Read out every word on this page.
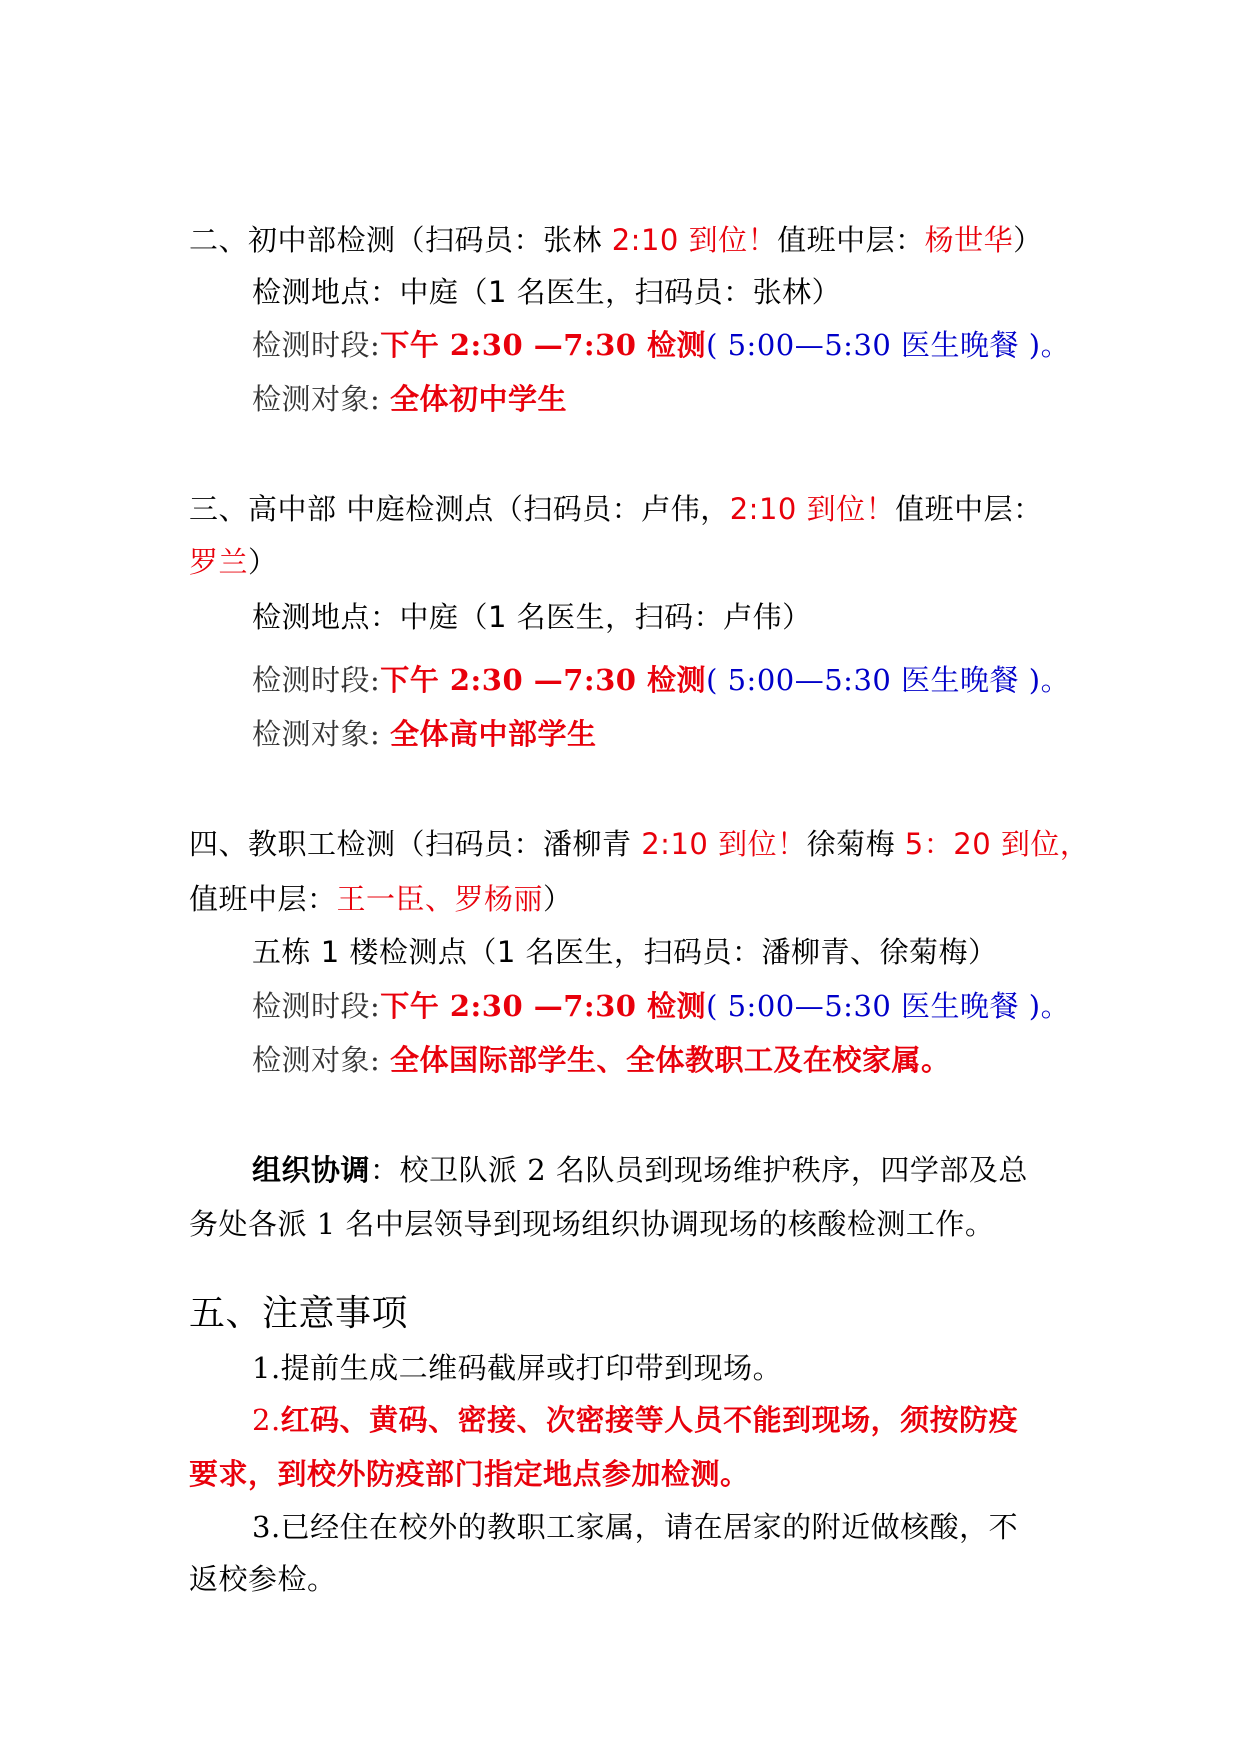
二、初中部检测（扫码员：张林 2:10 到位！值班中层：杨世华）
检测地点：中庭（1 名医生，扫码员：张林）
检测时段:下午 2:30 —7:30 检测( 5:00—5:30 医生晚餐 )。
检测对象: 全体初中学生
三、高中部 中庭检测点（扫码员：卢伟，2:10 到位！值班中层：
罗兰）
检测地点：中庭（1 名医生，扫码：卢伟）
检测时段:下午 2:30 —7:30 检测( 5:00—5:30 医生晚餐 )。
检测对象: 全体高中部学生
四、教职工检测（扫码员：潘柳青 2:10 到位！徐菊梅 5：20 到位，
值班中层：王一臣、罗杨丽）
五栋 1 楼检测点（1 名医生，扫码员：潘柳青、徐菊梅）
检测时段:下午 2:30 —7:30 检测( 5:00—5:30 医生晚餐 )。
检测对象: 全体国际部学生、全体教职工及在校家属。
组织协调：校卫队派 2 名队员到现场维护秩序，四学部及总
务处各派 1 名中层领导到现场组织协调现场的核酸检测工作。
五、注意事项
1.提前生成二维码截屏或打印带到现场。
2.红码、黄码、密接、次密接等人员不能到现场，须按防疫
要求，到校外防疫部门指定地点参加检测。
3.已经住在校外的教职工家属，请在居家的附近做核酸，不
返校参检。
